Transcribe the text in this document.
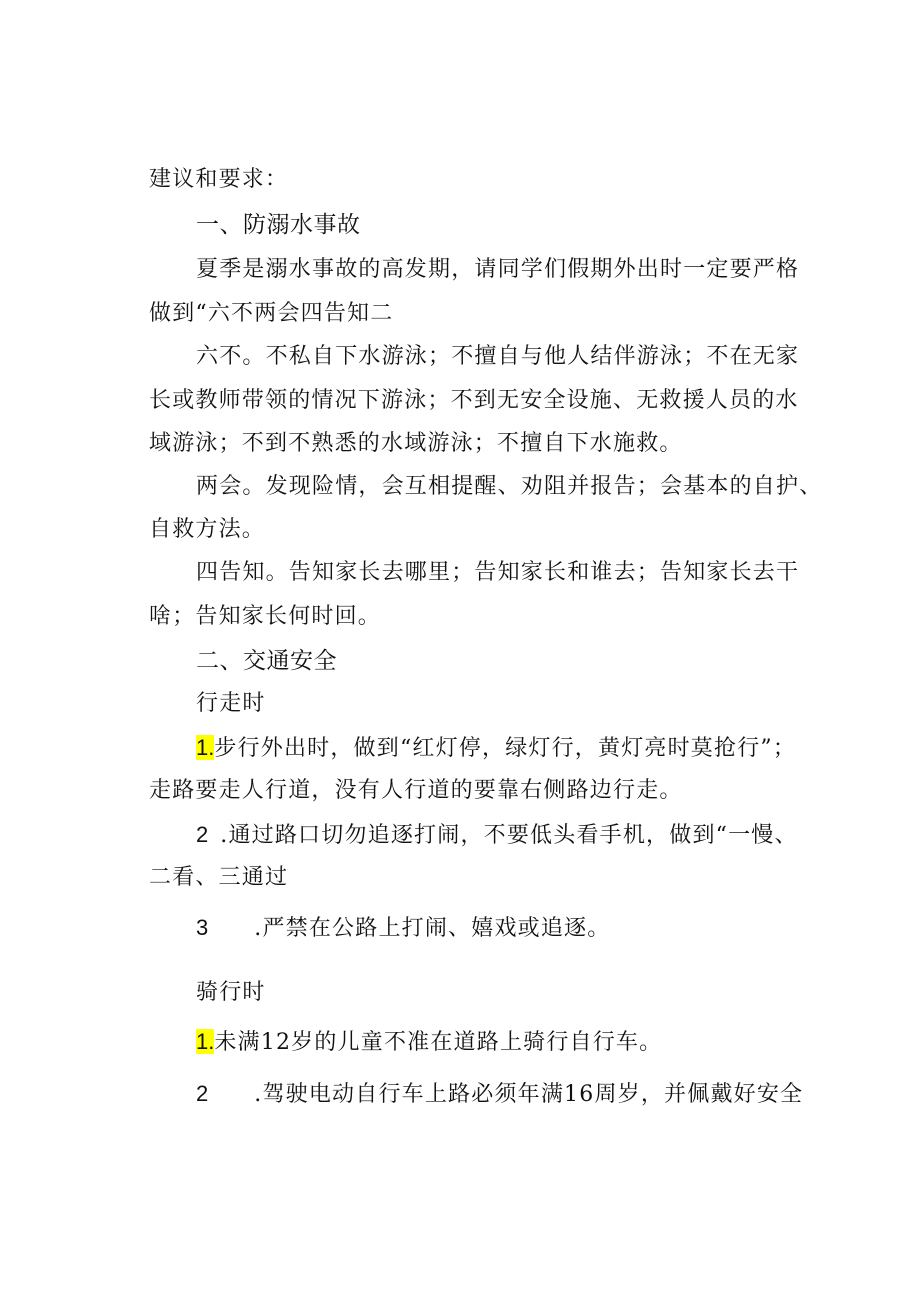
建议和要求：
一、防溺水事故
夏季是溺水事故的高发期，请同学们假期外出时一定要严格
做到“六不两会四告知二
六不。不私自下水游泳；不擅自与他人结伴游泳；不在无家
长或教师带领的情况下游泳；不到无安全设施、无救援人员的水
域游泳；不到不熟悉的水域游泳；不擅自下水施救。
两会。发现险情，会互相提醒、劝阻并报告；会基本的自护、
自救方法。
四告知。告知家长去哪里；告知家长和谁去；告知家长去干
啥；告知家长何时回。
二、交通安全
行走时
1.步行外出时，做到“红灯停，绿灯行，黄灯亮时莫抢行”；
走路要走人行道，没有人行道的要靠右侧路边行走。
2 .通过路口切勿追逐打闹，不要低头看手机，做到“一慢、
二看、三通过
3 .严禁在公路上打闹、嬉戏或追逐。
骑行时
1.未满12岁的儿童不准在道路上骑行自行车。
2 .驾驶电动自行车上路必须年满16周岁，并佩戴好安全
